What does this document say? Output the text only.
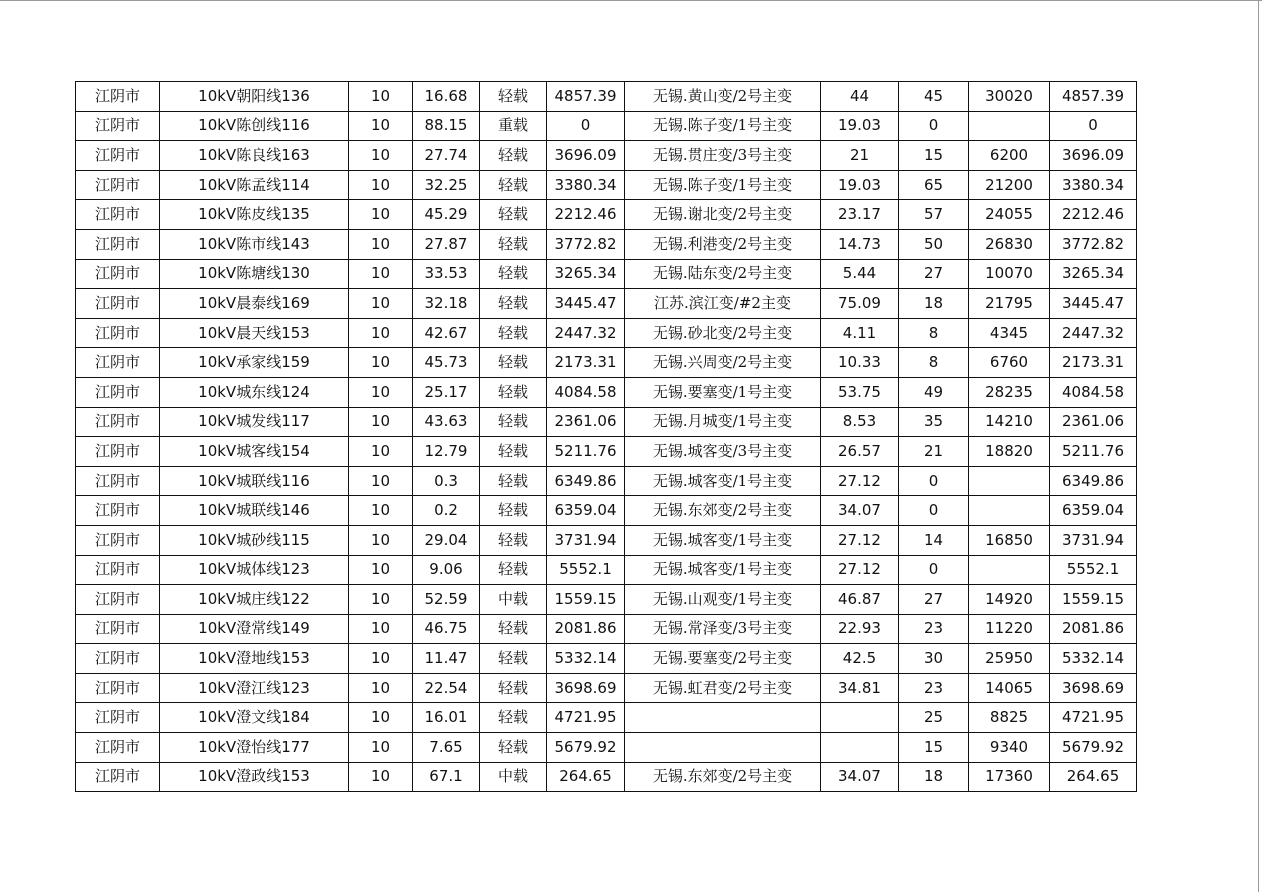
江阴市	10kV朝阳线136	10	16.68	轻载	4857.39	无锡.黄山变/2号主变	44	45	30020	4857.39
江阴市	10kV陈创线116	10	88.15	重载	0	无锡.陈子变/1号主变	19.03	0		0
江阴市	10kV陈良线163	10	27.74	轻载	3696.09	无锡.贯庄变/3号主变	21	15	6200	3696.09
江阴市	10kV陈孟线114	10	32.25	轻载	3380.34	无锡.陈子变/1号主变	19.03	65	21200	3380.34
江阴市	10kV陈皮线135	10	45.29	轻载	2212.46	无锡.谢北变/2号主变	23.17	57	24055	2212.46
江阴市	10kV陈市线143	10	27.87	轻载	3772.82	无锡.利港变/2号主变	14.73	50	26830	3772.82
江阴市	10kV陈塘线130	10	33.53	轻载	3265.34	无锡.陆东变/2号主变	5.44	27	10070	3265.34
江阴市	10kV晨泰线169	10	32.18	轻载	3445.47	江苏.滨江变/#2主变	75.09	18	21795	3445.47
江阴市	10kV晨天线153	10	42.67	轻载	2447.32	无锡.砂北变/2号主变	4.11	8	4345	2447.32
江阴市	10kV承家线159	10	45.73	轻载	2173.31	无锡.兴周变/2号主变	10.33	8	6760	2173.31
江阴市	10kV城东线124	10	25.17	轻载	4084.58	无锡.要塞变/1号主变	53.75	49	28235	4084.58
江阴市	10kV城发线117	10	43.63	轻载	2361.06	无锡.月城变/1号主变	8.53	35	14210	2361.06
江阴市	10kV城客线154	10	12.79	轻载	5211.76	无锡.城客变/3号主变	26.57	21	18820	5211.76
江阴市	10kV城联线116	10	0.3	轻载	6349.86	无锡.城客变/1号主变	27.12	0		6349.86
江阴市	10kV城联线146	10	0.2	轻载	6359.04	无锡.东郊变/2号主变	34.07	0		6359.04
江阴市	10kV城砂线115	10	29.04	轻载	3731.94	无锡.城客变/1号主变	27.12	14	16850	3731.94
江阴市	10kV城体线123	10	9.06	轻载	5552.1	无锡.城客变/1号主变	27.12	0		5552.1
江阴市	10kV城庄线122	10	52.59	中载	1559.15	无锡.山观变/1号主变	46.87	27	14920	1559.15
江阴市	10kV澄常线149	10	46.75	轻载	2081.86	无锡.常泽变/3号主变	22.93	23	11220	2081.86
江阴市	10kV澄地线153	10	11.47	轻载	5332.14	无锡.要塞变/2号主变	42.5	30	25950	5332.14
江阴市	10kV澄江线123	10	22.54	轻载	3698.69	无锡.虹君变/2号主变	34.81	23	14065	3698.69
江阴市	10kV澄文线184	10	16.01	轻载	4721.95			25	8825	4721.95
江阴市	10kV澄怡线177	10	7.65	轻载	5679.92			15	9340	5679.92
江阴市	10kV澄政线153	10	67.1	中载	264.65	无锡.东郊变/2号主变	34.07	18	17360	264.65
